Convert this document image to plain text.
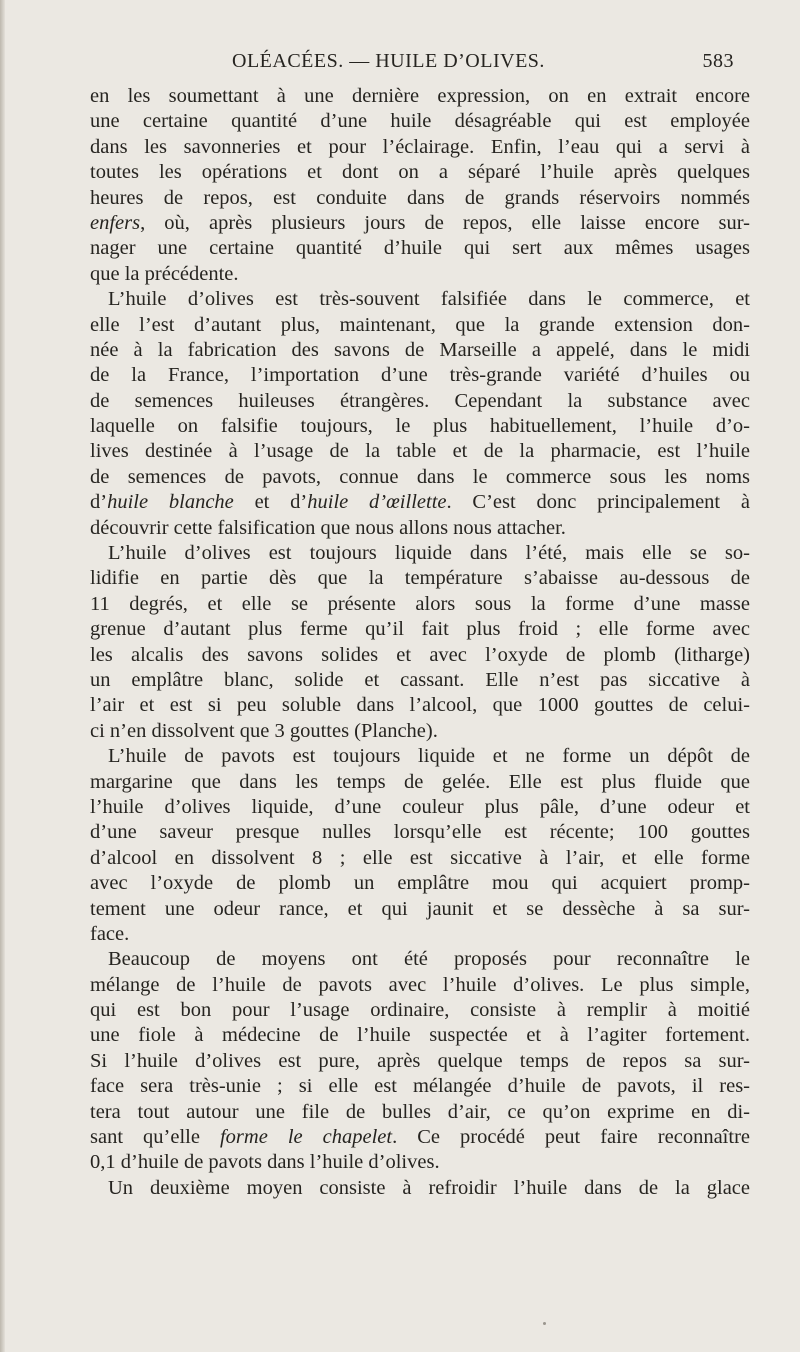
OLÉACÉES. — HUILE D’OLIVES.	583
en les soumettant à une dernière expression, on en extrait encore
une certaine quantité d’une huile désagréable qui est employée
dans les savonneries et pour l’éclairage. Enfin, l’eau qui a servi à
toutes les opérations et dont on a séparé l’huile après quelques
heures de repos, est conduite dans de grands réservoirs nommés
enfers, où, après plusieurs jours de repos, elle laisse encore sur-
nager une certaine quantité d’huile qui sert aux mêmes usages
que la précédente.
L’huile d’olives est très-souvent falsifiée dans le commerce, et
elle l’est d’autant plus, maintenant, que la grande extension don-
née à la fabrication des savons de Marseille a appelé, dans le midi
de la France, l’importation d’une très-grande variété d’huiles ou
de semences huileuses étrangères. Cependant la substance avec
laquelle on falsifie toujours, le plus habituellement, l’huile d’o-
lives destinée à l’usage de la table et de la pharmacie, est l’huile
de semences de pavots, connue dans le commerce sous les noms
d’huile blanche et d’huile d’œillette. C’est donc principalement à
découvrir cette falsification que nous allons nous attacher.
L’huile d’olives est toujours liquide dans l’été, mais elle se so-
lidifie en partie dès que la température s’abaisse au-dessous de
11 degrés, et elle se présente alors sous la forme d’une masse
grenue d’autant plus ferme qu’il fait plus froid ; elle forme avec
les alcalis des savons solides et avec l’oxyde de plomb (litharge)
un emplâtre blanc, solide et cassant. Elle n’est pas siccative à
l’air et est si peu soluble dans l’alcool, que 1000 gouttes de celui-
ci n’en dissolvent que 3 gouttes (Planche).
L’huile de pavots est toujours liquide et ne forme un dépôt de
margarine que dans les temps de gelée. Elle est plus fluide que
l’huile d’olives liquide, d’une couleur plus pâle, d’une odeur et
d’une saveur presque nulles lorsqu’elle est récente; 100 gouttes
d’alcool en dissolvent 8 ; elle est siccative à l’air, et elle forme
avec l’oxyde de plomb un emplâtre mou qui acquiert promp-
tement une odeur rance, et qui jaunit et se dessèche à sa sur-
face.
Beaucoup de moyens ont été proposés pour reconnaître le
mélange de l’huile de pavots avec l’huile d’olives. Le plus simple,
qui est bon pour l’usage ordinaire, consiste à remplir à moitié
une fiole à médecine de l’huile suspectée et à l’agiter fortement.
Si l’huile d’olives est pure, après quelque temps de repos sa sur-
face sera très-unie ; si elle est mélangée d’huile de pavots, il res-
tera tout autour une file de bulles d’air, ce qu’on exprime en di-
sant qu’elle forme le chapelet. Ce procédé peut faire reconnaître
0,1 d’huile de pavots dans l’huile d’olives.
Un deuxième moyen consiste à refroidir l’huile dans de la glace
